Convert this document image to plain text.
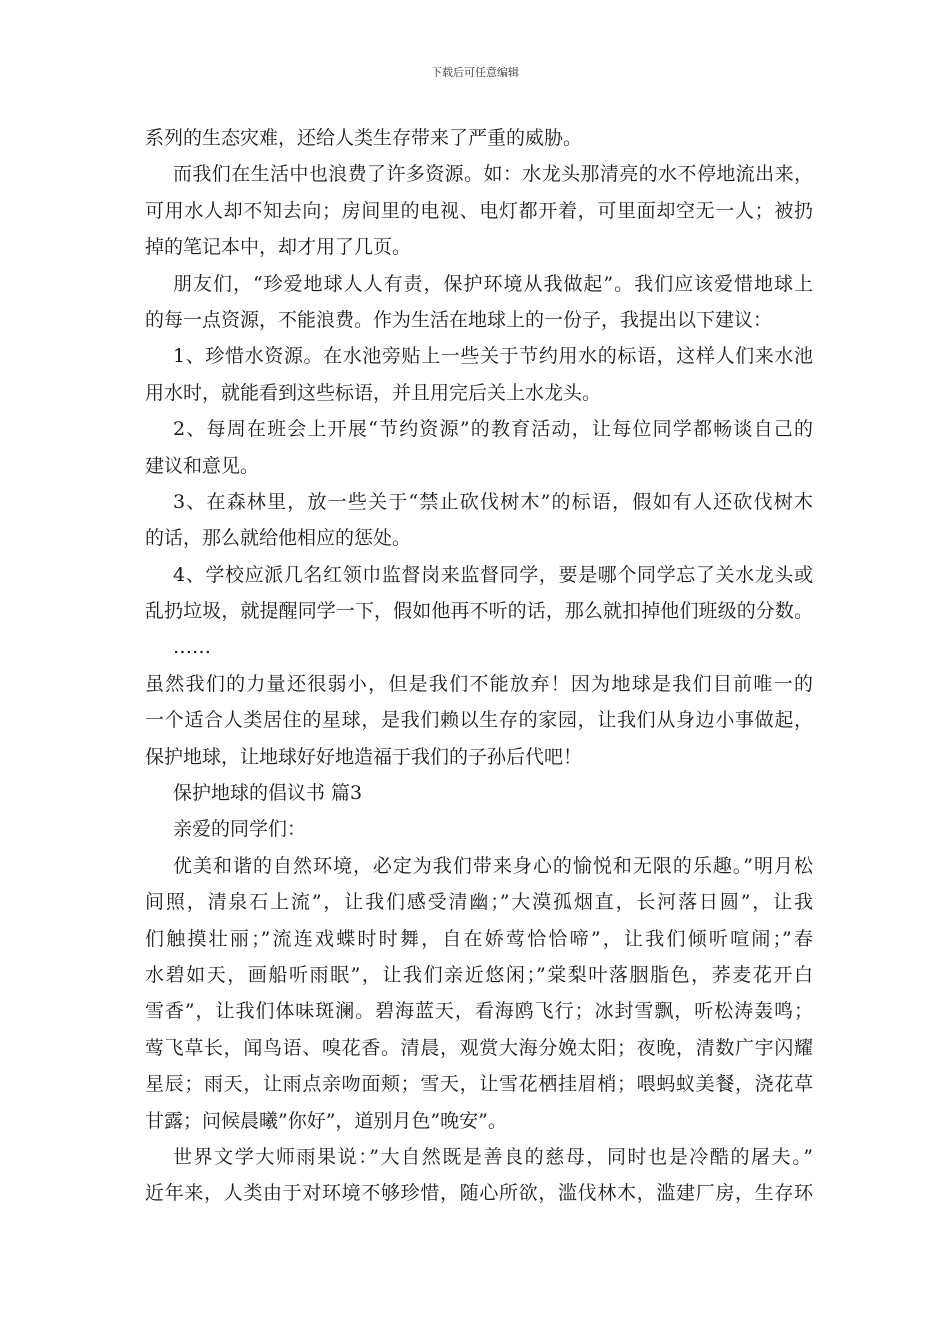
下载后可任意编辑
系列的生态灾难，还给人类生存带来了严重的威胁。
而我们在生活中也浪费了许多资源。如：水龙头那清亮的水不停地流出来，
可用水人却不知去向；房间里的电视、电灯都开着，可里面却空无一人；被扔
掉的笔记本中，却才用了几页。
朋友们，“珍爱地球人人有责，保护环境从我做起”。我们应该爱惜地球上
的每一点资源，不能浪费。作为生活在地球上的一份子，我提出以下建议：
1、珍惜水资源。在水池旁贴上一些关于节约用水的标语，这样人们来水池
用水时，就能看到这些标语，并且用完后关上水龙头。
2、每周在班会上开展“节约资源”的教育活动，让每位同学都畅谈自己的
建议和意见。
3、在森林里，放一些关于“禁止砍伐树木”的标语，假如有人还砍伐树木
的话，那么就给他相应的惩处。
4、学校应派几名红领巾监督岗来监督同学，要是哪个同学忘了关水龙头或
乱扔垃圾，就提醒同学一下，假如他再不听的话，那么就扣掉他们班级的分数。
……
虽然我们的力量还很弱小，但是我们不能放弃！因为地球是我们目前唯一的
一个适合人类居住的星球，是我们赖以生存的家园，让我们从身边小事做起，
保护地球，让地球好好地造福于我们的子孙后代吧！
保护地球的倡议书 篇3
亲爱的同学们：
优美和谐的自然环境，必定为我们带来身心的愉悦和无限的乐趣。”明月松
间照，清泉石上流”，让我们感受清幽；”大漠孤烟直，长河落日圆”，让我
们触摸壮丽；”流连戏蝶时时舞，自在娇莺恰恰啼”，让我们倾听喧闹；”春
水碧如天，画船听雨眠”，让我们亲近悠闲；”棠梨叶落胭脂色，荞麦花开白
雪香”，让我们体味斑澜。碧海蓝天，看海鸥飞行；冰封雪飘，听松涛轰鸣；
莺飞草长，闻鸟语、嗅花香。清晨，观赏大海分娩太阳；夜晚，清数广宇闪耀
星辰；雨天，让雨点亲吻面颊；雪天，让雪花栖挂眉梢；喂蚂蚁美餐，浇花草
甘露；问候晨曦”你好”，道别月色”晚安”。
世界文学大师雨果说：”大自然既是善良的慈母，同时也是冷酷的屠夫。”
近年来，人类由于对环境不够珍惜，随心所欲，滥伐林木，滥建厂房，生存环
